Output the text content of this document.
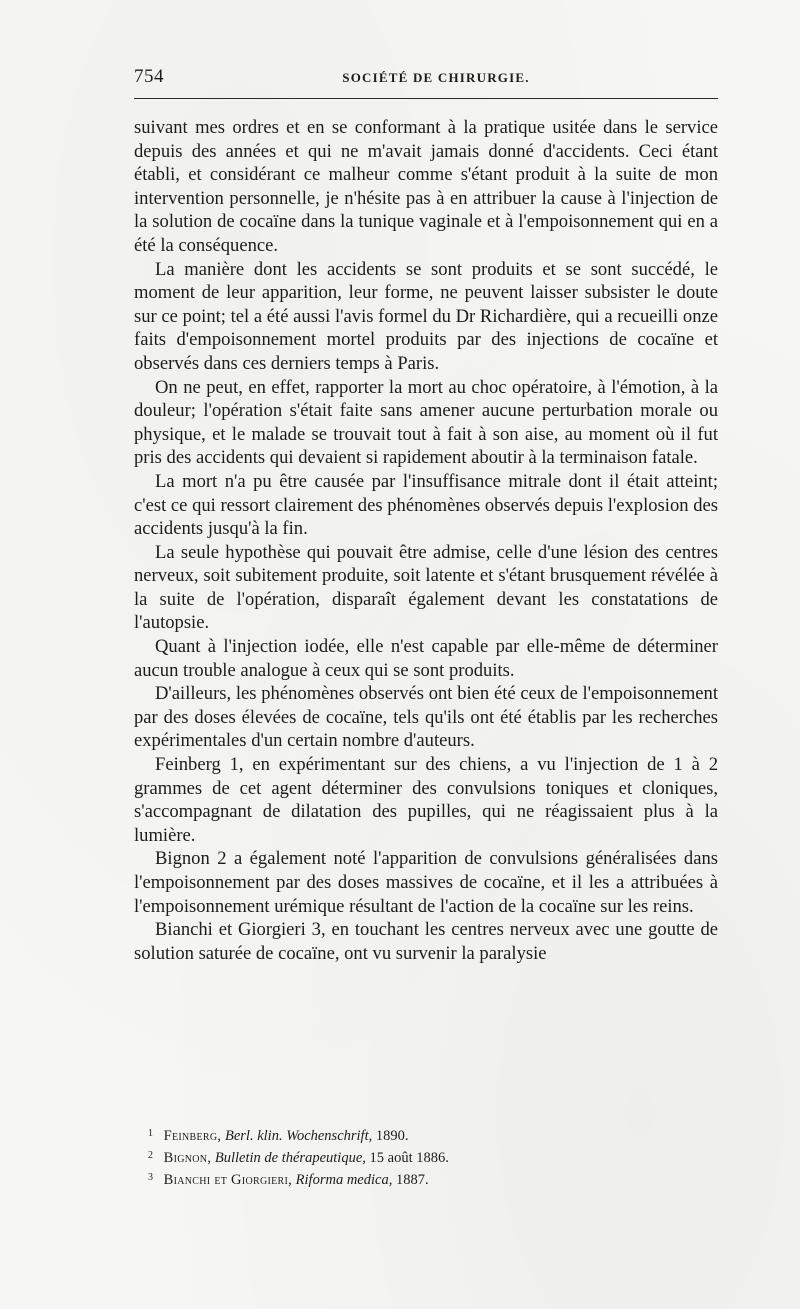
754	SOCIÉTÉ DE CHIRURGIE.

suivant mes ordres et en se conformant à la pratique usitée dans le service depuis des années et qui ne m'avait jamais donné d'accidents. Ceci étant établi, et considérant ce malheur comme s'étant produit à la suite de mon intervention personnelle, je n'hésite pas à en attribuer la cause à l'injection de la solution de cocaïne dans la tunique vaginale et à l'empoisonnement qui en a été la conséquence.

La manière dont les accidents se sont produits et se sont succédé, le moment de leur apparition, leur forme, ne peuvent laisser subsister le doute sur ce point; tel a été aussi l'avis formel du Dr Richardière, qui a recueilli onze faits d'empoisonnement mortel produits par des injections de cocaïne et observés dans ces derniers temps à Paris.

On ne peut, en effet, rapporter la mort au choc opératoire, à l'émotion, à la douleur; l'opération s'était faite sans amener aucune perturbation morale ou physique, et le malade se trouvait tout à fait à son aise, au moment où il fut pris des accidents qui devaient si rapidement aboutir à la terminaison fatale.

La mort n'a pu être causée par l'insuffisance mitrale dont il était atteint; c'est ce qui ressort clairement des phénomènes observés depuis l'explosion des accidents jusqu'à la fin.

La seule hypothèse qui pouvait être admise, celle d'une lésion des centres nerveux, soit subitement produite, soit latente et s'étant brusquement révélée à la suite de l'opération, disparaît également devant les constatations de l'autopsie.

Quant à l'injection iodée, elle n'est capable par elle-même de déterminer aucun trouble analogue à ceux qui se sont produits.

D'ailleurs, les phénomènes observés ont bien été ceux de l'empoisonnement par des doses élevées de cocaïne, tels qu'ils ont été établis par les recherches expérimentales d'un certain nombre d'auteurs.

Feinberg 1, en expérimentant sur des chiens, a vu l'injection de 1 à 2 grammes de cet agent déterminer des convulsions toniques et cloniques, s'accompagnant de dilatation des pupilles, qui ne réagissaient plus à la lumière.

Bignon 2 a également noté l'apparition de convulsions généralisées dans l'empoisonnement par des doses massives de cocaïne, et il les a attribuées à l'empoisonnement urémique résultant de l'action de la cocaïne sur les reins.

Bianchi et Giorgieri 3, en touchant les centres nerveux avec une goutte de solution saturée de cocaïne, ont vu survenir la paralysie

1 Feinberg, Berl. klin. Wochenschrift, 1890.

2 Bignon, Bulletin de thérapeutique, 15 août 1886.

3 Bianchi et Giorgieri, Riforma medica, 1887.
